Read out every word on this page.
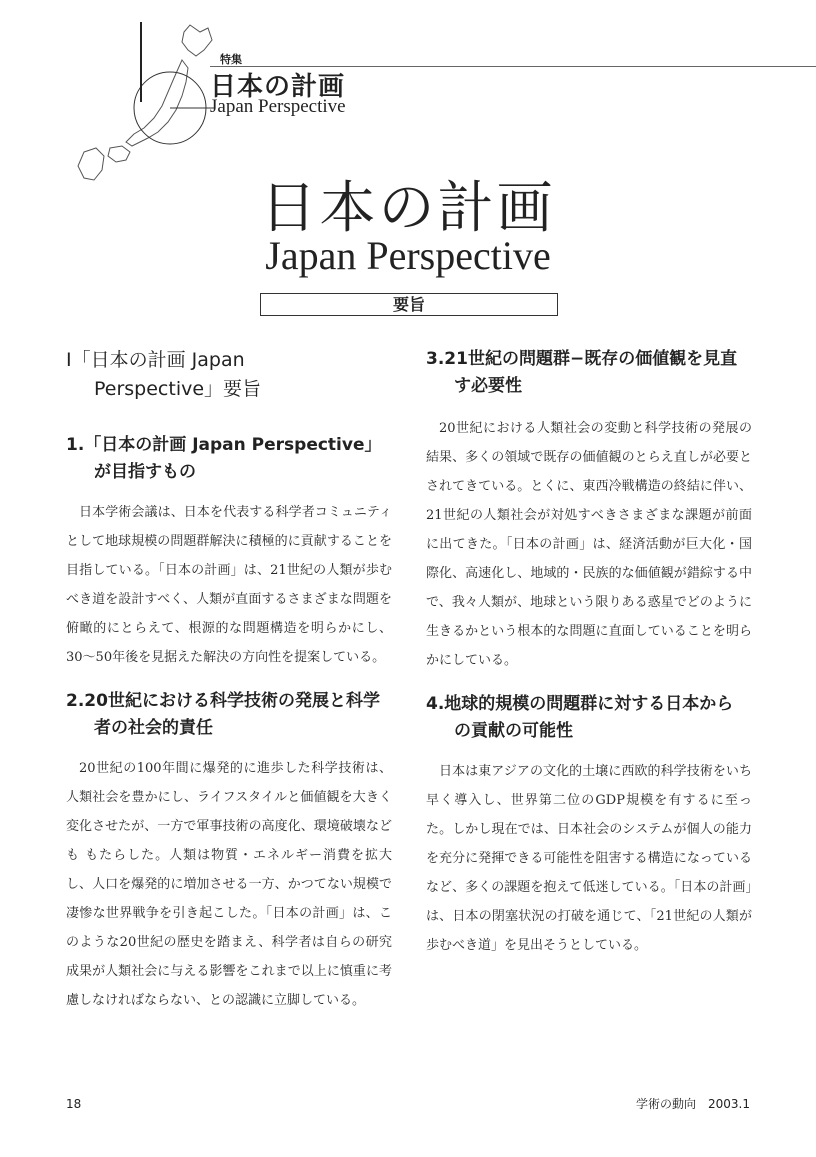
特集
日本の計画
Japan Perspective
日本の計画
Japan Perspective
要旨
Ⅰ「日本の計画 Japan
Perspective」要旨
1.「日本の計画 Japan Perspective」
が目指すもの

日本学術会議は、日本を代表する科学者コミュニティとして地球規模の問題群解決に積極的に貢献することを目指している。「日本の計画」は、21世紀の人類が歩むべき道を設計すべく、人類が直面するさまざまな問題を俯瞰的にとらえて、根源的な問題構造を明らかにし、30〜50年後を見据えた解決の方向性を提案している。

2.20世紀における科学技術の発展と科学
者の社会的責任

20世紀の100年間に爆発的に進歩した科学技術は、人類社会を豊かにし、ライフスタイルと価値観を大きく変化させたが、一方で軍事技術の高度化、環境破壊なども もたらした。人類は物質・エネルギー消費を拡大し、人口を爆発的に増加させる一方、かつてない規模で凄惨な世界戦争を引き起こした。「日本の計画」は、このような20世紀の歴史を踏まえ、科学者は自らの研究成果が人類社会に与える影響をこれまで以上に慎重に考慮しなければならない、との認識に立脚している。

3.21世紀の問題群−既存の価値観を見直
す必要性

20世紀における人類社会の変動と科学技術の発展の結果、多くの領域で既存の価値観のとらえ直しが必要とされてきている。とくに、東西冷戦構造の終結に伴い、21世紀の人類社会が対処すべきさまざまな課題が前面に出てきた。「日本の計画」は、経済活動が巨大化・国際化、高速化し、地域的・民族的な価値観が錯綜する中で、我々人類が、地球という限りある惑星でどのように生きるかという根本的な問題に直面していることを明らかにしている。

4.地球的規模の問題群に対する日本から
の貢献の可能性

日本は東アジアの文化的土壌に西欧的科学技術をいち早く導入し、世界第二位のGDP規模を有するに至った。しかし現在では、日本社会のシステムが個人の能力を充分に発揮できる可能性を阻害する構造になっているなど、多くの課題を抱えて低迷している。「日本の計画」は、日本の閉塞状況の打破を通じて、「21世紀の人類が歩むべき道」を見出そうとしている。

18	学術の動向　2003.1
